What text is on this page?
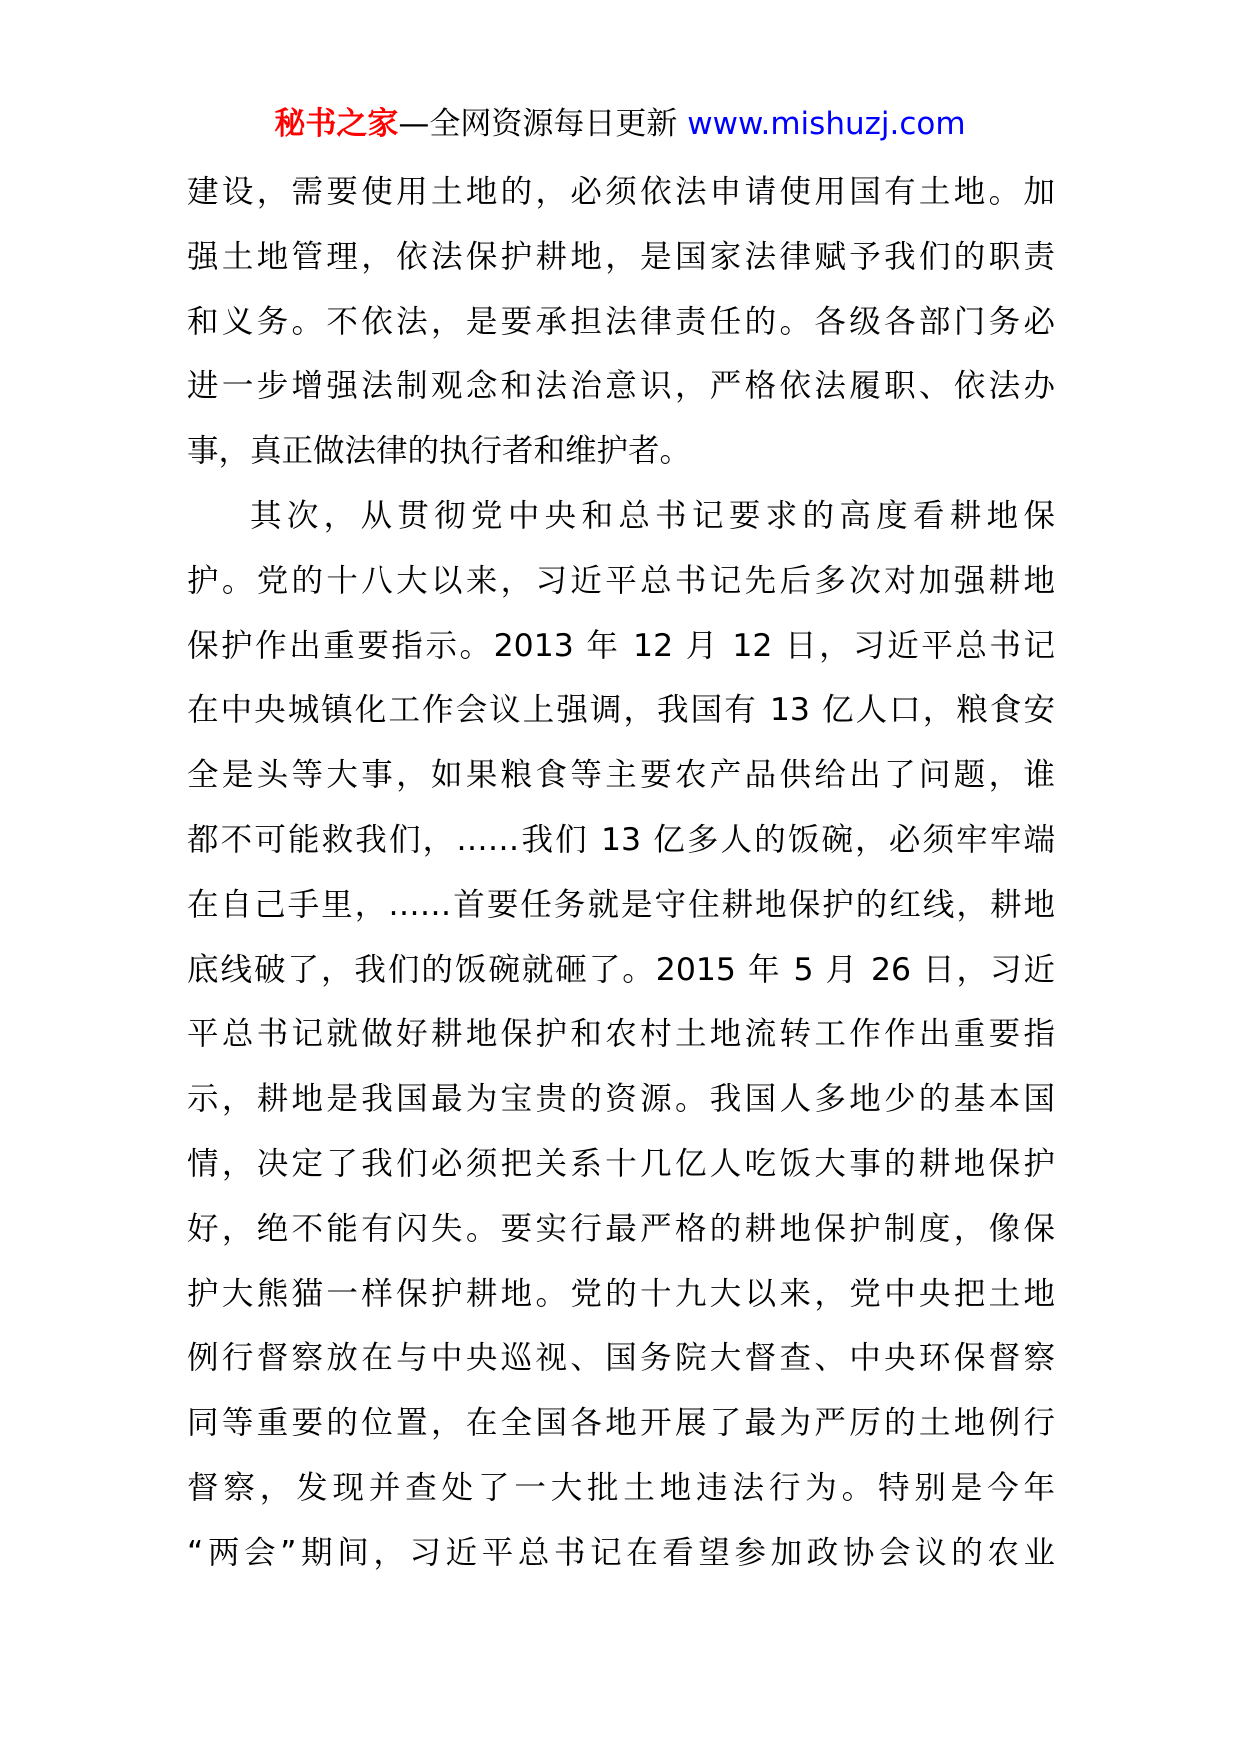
秘书之家—全网资源每日更新 www.mishuzj.com
建设，需要使用土地的，必须依法申请使用国有土地。加
强土地管理，依法保护耕地，是国家法律赋予我们的职责
和义务。不依法，是要承担法律责任的。各级各部门务必
进一步增强法制观念和法治意识，严格依法履职、依法办
事，真正做法律的执行者和维护者。
其次，从贯彻党中央和总书记要求的高度看耕地保
护。党的十八大以来，习近平总书记先后多次对加强耕地
保护作出重要指示。2013 年 12 月 12 日，习近平总书记
在中央城镇化工作会议上强调，我国有 13 亿人口，粮食安
全是头等大事，如果粮食等主要农产品供给出了问题，谁
都不可能救我们，……我们 13 亿多人的饭碗，必须牢牢端
在自己手里，……首要任务就是守住耕地保护的红线，耕地
底线破了，我们的饭碗就砸了。2015 年 5 月 26 日，习近
平总书记就做好耕地保护和农村土地流转工作作出重要指
示，耕地是我国最为宝贵的资源。我国人多地少的基本国
情，决定了我们必须把关系十几亿人吃饭大事的耕地保护
好，绝不能有闪失。要实行最严格的耕地保护制度，像保
护大熊猫一样保护耕地。党的十九大以来，党中央把土地
例行督察放在与中央巡视、国务院大督查、中央环保督察
同等重要的位置，在全国各地开展了最为严厉的土地例行
督察，发现并查处了一大批土地违法行为。特别是今年
“两会”期间，习近平总书记在看望参加政协会议的农业
